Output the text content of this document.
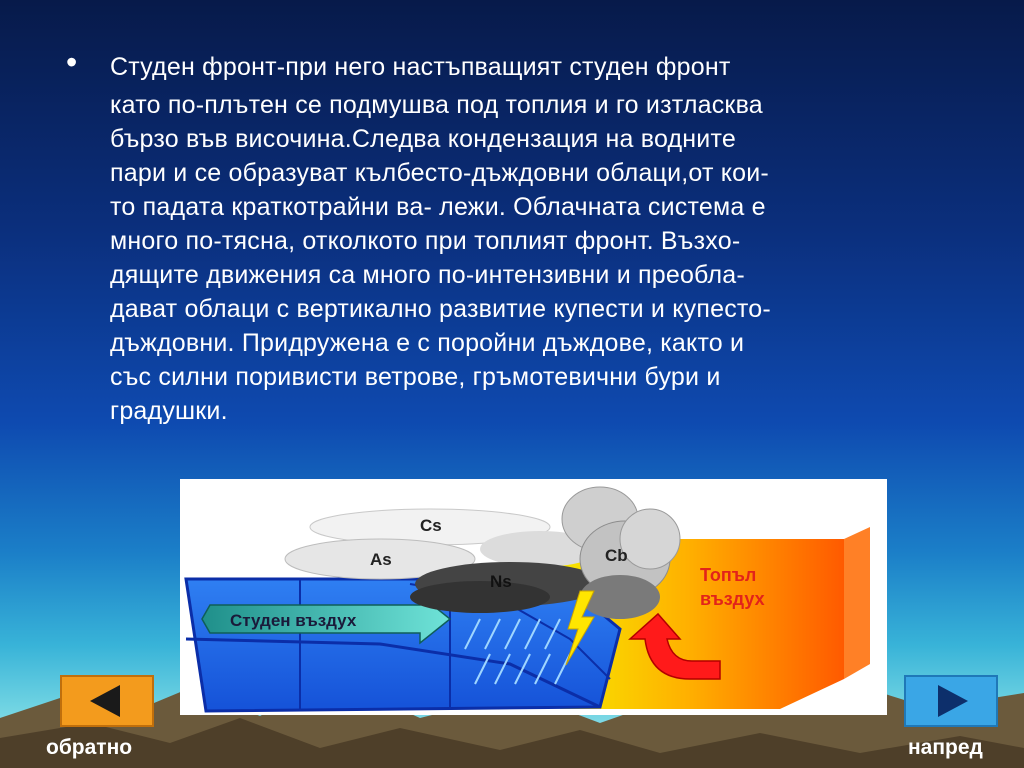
• Студен фронт-при него настъпващият студен фронт
като по-плътен се подмушва под топлия и го изтласква
бързо във височина.Следва кондензация на водните
пари и се образуват кълбесто-дъждовни облаци,от кои-
то падата краткотрайни ва- лежи. Облачната система е
много по-тясна, отколкото при топлият фронт. Възхо-
дящите движения са много по-интензивни и преобла-
дават облаци с вертикално развитие купести и купесто-
дъждовни. Придружена е с поройни дъждове, както и
със силни поривисти ветрове, гръмотевични бури и
градушки.
Студен въздух
Cs
As
Ns
Cb
Топъл
въздух
обратно	напред
